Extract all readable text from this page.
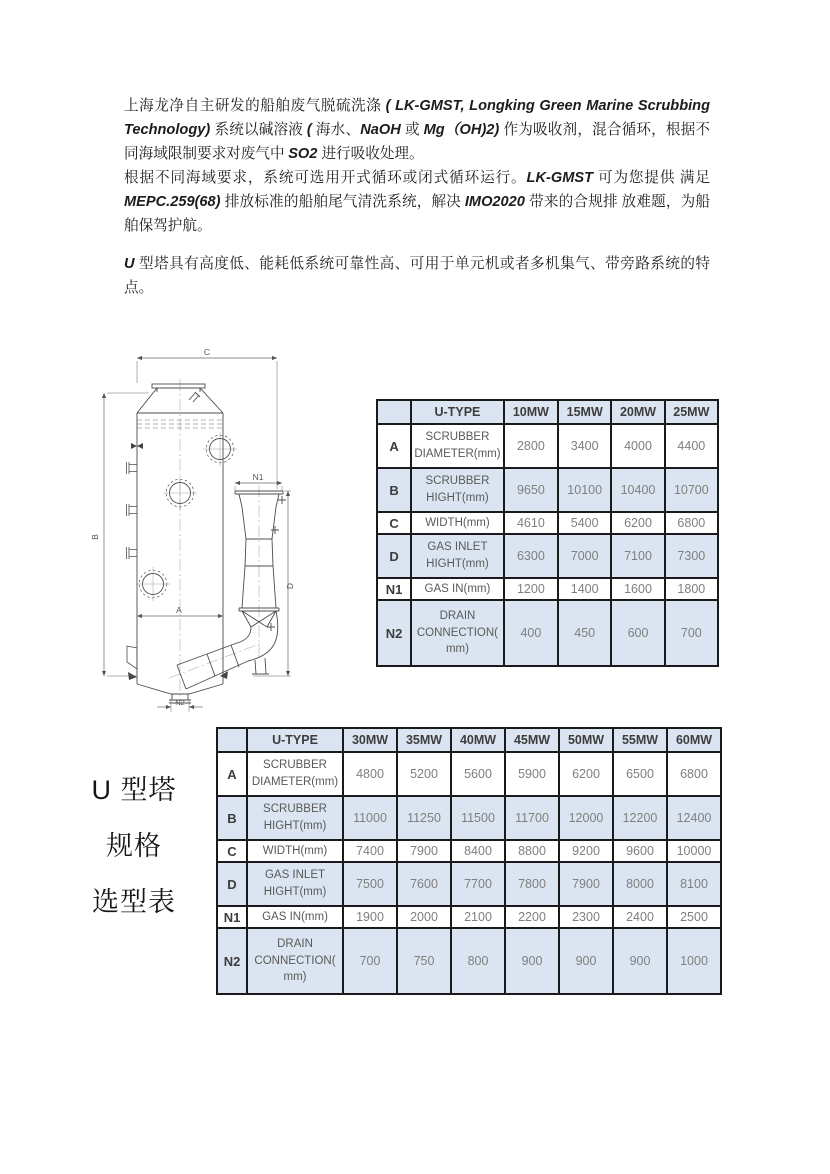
上海龙净自主研发的船舶废气脱硫洗涤 ( LK-GMST, Longking Green Marine Scrubbing Technology) 系统以碱溶液 ( 海水、NaOH 或 Mg（OH)2) 作为吸收剂，混合循环，根据不同海域限制要求对废气中 SO2 进行吸收处理。

根据不同海域要求，系统可选用开式循环或闭式循环运行。LK-GMST 可为您提供 满足MEPC.259(68) 排放标准的船舶尾气清洗系统，解决 IMO2020 带来的合规排 放难题，为船舶保驾护航。

U 型塔具有高度低、能耗低系统可靠性高、可用于单元机或者多机集气、带旁路系统的特点。

C
B
A
D
N1
N2
U 型塔
规格
选型表
	U-TYPE	10MW	15MW	20MW	25MW
A	SCRUBBER DIAMETER(mm)	2800	3400	4000	4400
B	SCRUBBER HIGHT(mm)	9650	10100	10400	10700
C	WIDTH(mm)	4610	5400	6200	6800
D	GAS INLET HIGHT(mm)	6300	7000	7100	7300
N1	GAS IN(mm)	1200	1400	1600	1800
N2	DRAIN CONNECTION( mm)	400	450	600	700
	U-TYPE	30MW	35MW	40MW	45MW	50MW	55MW	60MW
A	SCRUBBER DIAMETER(mm)	4800	5200	5600	5900	6200	6500	6800
B	SCRUBBER HIGHT(mm)	11000	11250	11500	11700	12000	12200	12400
C	WIDTH(mm)	7400	7900	8400	8800	9200	9600	10000
D	GAS INLET HIGHT(mm)	7500	7600	7700	7800	7900	8000	8100
N1	GAS IN(mm)	1900	2000	2100	2200	2300	2400	2500
N2	DRAIN CONNECTION( mm)	700	750	800	900	900	900	1000
